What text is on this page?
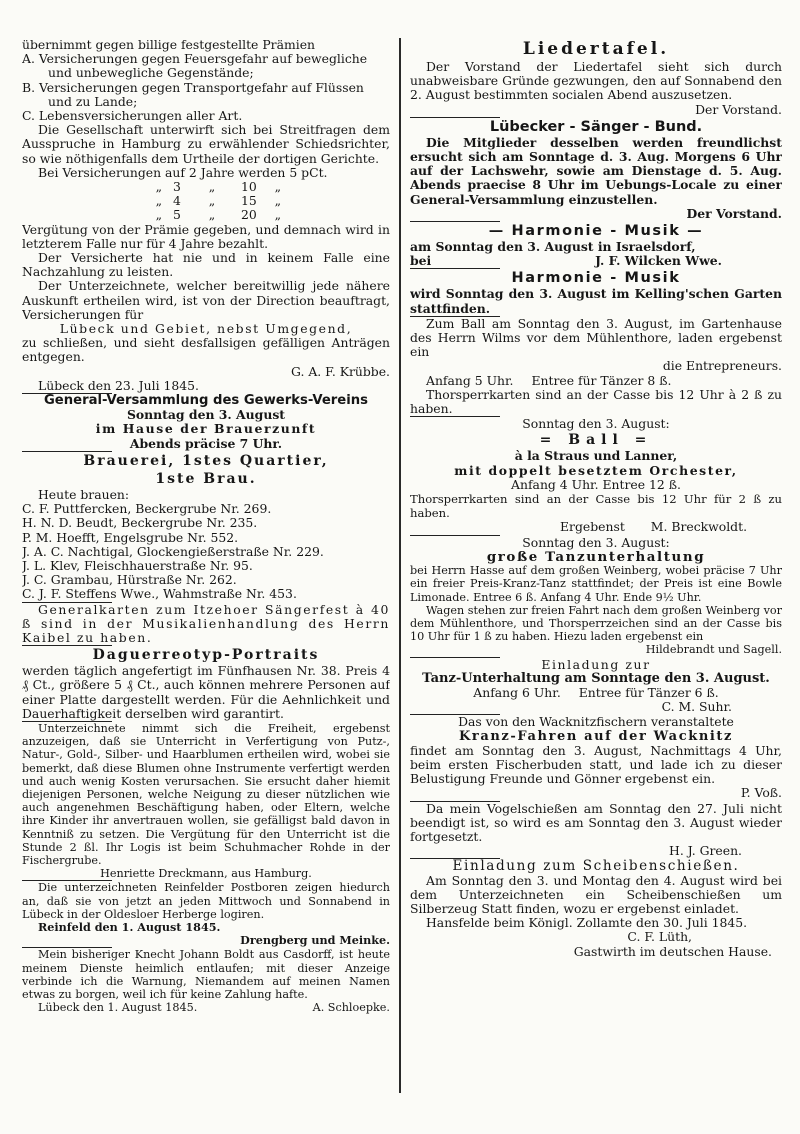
übernimmt gegen billige festgestellte Prämien

A. Versicherungen gegen Feuersgefahr auf bewegliche

und unbewegliche Gegenstände;

B. Versicherungen gegen Transportgefahr auf Flüssen

und zu Lande;

C. Lebensversicherungen aller Art.

Die Gesellschaft unterwirft sich bei Streitfragen dem Ausspruche in Hamburg zu erwählender Schiedsrichter, so wie nöthigenfalls dem Urtheile der dortigen Gerichte.

Bei Versicherungen auf 2 Jahre werden 5 pCt.

„ 3 „ 10 „
„ 4 „ 15 „
„ 5 „ 20 „

Vergütung von der Prämie gegeben, und demnach wird in letzterem Falle nur für 4 Jahre bezahlt.

Der Versicherte hat nie und in keinem Falle eine Nachzahlung zu leisten.

Der Unterzeichnete, welcher bereitwillig jede nähere Auskunft ertheilen wird, ist von der Direction beauftragt, Versicherungen für

Lübeck und Gebiet, nebst Umgegend,

zu schließen, und sieht desfallsigen gefälligen Anträgen entgegen.

G. A. F. Krübbe.

Lübeck den 23. Juli 1845.

General-Versammlung des Gewerks-Vereins

Sonntag den 3. August

im Hause der Brauerzunft

Abends präcise 7 Uhr.

Brauerei, 1stes Quartier,

1ste Brau.

Heute brauen:

C. F. Puttfercken, Beckergrube Nr. 269.

H. N. D. Beudt, Beckergrube Nr. 235.

P. M. Hoefft, Engelsgrube Nr. 552.

J. A. C. Nachtigal, Glockengießerstraße Nr. 229.

J. L. Klev, Fleischhauerstraße Nr. 95.

J. C. Grambau, Hürstraße Nr. 262.

C. J. F. Steffens Wwe., Wahmstraße Nr. 453.

Generalkarten zum Itzehoer Sängerfest à 40 ß sind in der Musikalienhandlung des Herrn Kaibel zu haben.

Daguerreotyp-Portraits

werden täglich angefertigt im Fünfhausen Nr. 38. Preis 4 ₰ Ct., größere 5 ₰ Ct., auch können mehrere Personen auf einer Platte dargestellt werden. Für die Aehnlichkeit und Dauerhaftigkeit derselben wird garantirt.

Unterzeichnete nimmt sich die Freiheit, ergebenst anzuzeigen, daß sie Unterricht in Verfertigung von Putz-, Natur-, Gold-, Silber- und Haarblumen ertheilen wird, wobei sie bemerkt, daß diese Blumen ohne Instrumente verfertigt werden und auch wenig Kosten verursachen. Sie ersucht daher hiemit diejenigen Personen, welche Neigung zu dieser nützlichen wie auch angenehmen Beschäftigung haben, oder Eltern, welche ihre Kinder ihr anvertrauen wollen, sie gefälligst bald davon in Kenntniß zu setzen. Die Vergütung für den Unterricht ist die Stunde 2 ßl. Ihr Logis ist beim Schuhmacher Rohde in der Fischergrube.

Henriette Dreckmann, aus Hamburg.

Die unterzeichneten Reinfelder Postboren zeigen hiedurch an, daß sie von jetzt an jeden Mittwoch und Sonnabend in Lübeck in der Oldesloer Herberge logiren.

Reinfeld den 1. August 1845.

Drengberg und Meinke.

Mein bisheriger Knecht Johann Boldt aus Casdorff, ist heute meinem Dienste heimlich entlaufen; mit dieser Anzeige verbinde ich die Warnung, Niemandem auf meinen Namen etwas zu borgen, weil ich für keine Zahlung hafte.

Lübeck den 1. August 1845.	A. Schloepke.

Liedertafel.

Der Vorstand der Liedertafel sieht sich durch unabweisbare Gründe gezwungen, den auf Sonnabend den 2. August bestimmten socialen Abend auszusetzen.

Der Vorstand.

Lübecker - Sänger - Bund.

Die Mitglieder desselben werden freundlichst ersucht sich am Sonntage d. 3. Aug. Morgens 6 Uhr auf der Lachswehr, sowie am Dienstage d. 5. Aug. Abends praecise 8 Uhr im Uebungs-Locale zu einer General-Versammlung einzustellen.

Der Vorstand.

— Harmonie - Musik —

am Sonntag den 3. August in Israelsdorf,

bei	J. F. Wilcken Wwe.

Harmonie - Musik

wird Sonntag den 3. August im Kelling'schen Garten stattfinden.

Zum Ball am Sonntag den 3. August, im Gartenhause des Herrn Wilms vor dem Mühlenthore, laden ergebenst ein

die Entrepreneurs.

Anfang 5 Uhr. Entree für Tänzer 8 ß.

Thorsperrkarten sind an der Casse bis 12 Uhr à 2 ß zu haben.

Sonntag den 3. August:

= Ball =

à la Straus und Lanner,

mit doppelt besetztem Orchester,

Anfang 4 Uhr. Entree 12 ß.

Thorsperrkarten sind an der Casse bis 12 Uhr für 2 ß zu haben.

Ergebenst M. Breckwoldt.

Sonntag den 3. August:

große Tanzunterhaltung

bei Herrn Hasse auf dem großen Weinberg, wobei präcise 7 Uhr ein freier Preis-Kranz-Tanz stattfindet; der Preis ist eine Bowle Limonade. Entree 6 ß. Anfang 4 Uhr. Ende 9½ Uhr.

Wagen stehen zur freien Fahrt nach dem großen Weinberg vor dem Mühlenthore, und Thorsperrzeichen sind an der Casse bis 10 Uhr für 1 ß zu haben. Hiezu laden ergebenst ein

Hildebrandt und Sagell.

Einladung zur

Tanz-Unterhaltung am Sonntage den 3. August.

Anfang 6 Uhr. Entree für Tänzer 6 ß.

C. M. Suhr.

Das von den Wacknitzfischern veranstaltete

Kranz-Fahren auf der Wacknitz

findet am Sonntag den 3. August, Nachmittags 4 Uhr, beim ersten Fischerbuden statt, und lade ich zu dieser Belustigung Freunde und Gönner ergebenst ein.

P. Voß.

Da mein Vogelschießen am Sonntag den 27. Juli nicht beendigt ist, so wird es am Sonntag den 3. August wieder fortgesetzt.

H. J. Green.

Einladung zum Scheibenschießen.

Am Sonntag den 3. und Montag den 4. August wird bei dem Unterzeichneten ein Scheibenschießen um Silberzeug Statt finden, wozu er ergebenst einladet.

Hansfelde beim Königl. Zollamte den 30. Juli 1845.

C. F. Lüth,

Gastwirth im deutschen Hause.
